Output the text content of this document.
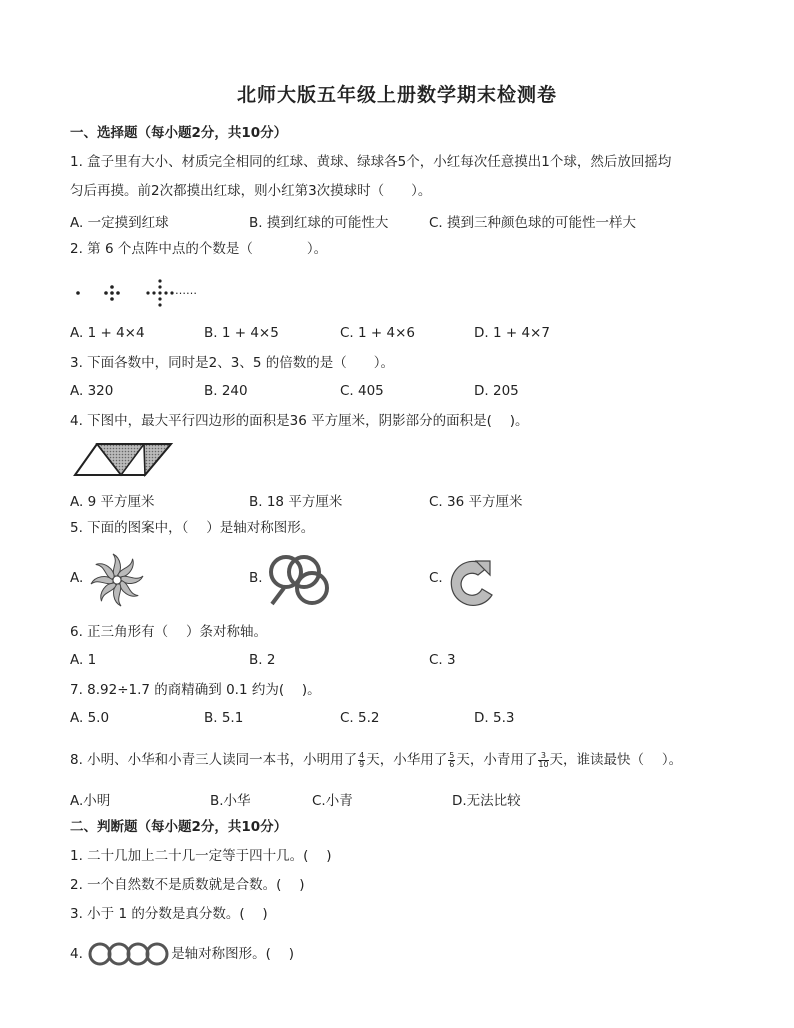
北师大版五年级上册数学期末检测卷
一、选择题（每小题2分，共10分）
1. 盒子里有大小、材质完全相同的红球、黄球、绿球各5个，小红每次任意摸出1个球，然后放回摇均
匀后再摸。前2次都摸出红球，则小红第3次摸球时（　　）。
A. 一定摸到红球	B. 摸到红球的可能性大	C. 摸到三种颜色球的可能性一样大
2. 第 6 个点阵中点的个数是（　　　　）。
……
A. 1 + 4×4	B. 1 + 4×5	C. 1 + 4×6	D. 1 + 4×7
3. 下面各数中，同时是2、3、5 的倍数的是（　　）。
A. 320	B. 240	C. 405	D. 205
4. 下图中，最大平行四边形的面积是36 平方厘米，阴影部分的面积是(　 )。
A. 9 平方厘米	B. 18 平方厘米	C. 36 平方厘米
5. 下面的图案中，（　 ）是轴对称图形。
A.	B.	C.
6. 正三角形有（　 ）条对称轴。
A. 1	B. 2	C. 3
7. 8.92÷1.7 的商精确到 0.1 约为(　 )。
A. 5.0	B. 5.1	C. 5.2	D. 5.3
8. 小明、小华和小青三人读同一本书，小明用了 $\frac{4}{9}$ 天，小华用了 $\frac{5}{6}$ 天，小青用了 $\frac{3}{10}$ 天，谁读最快（　 ）。
A.小明	B.小华	C.小青	D.无法比较
二、判断题（每小题2分，共10分）
1. 二十几加上二十几一定等于四十几。(　 )
2. 一个自然数不是质数就是合数。(　 )
3. 小于 1 的分数是真分数。(　 )
4.	是轴对称图形。(　 )
